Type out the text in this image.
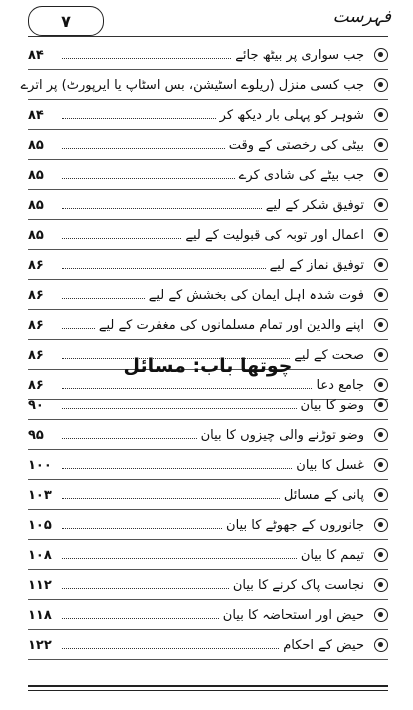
۷	فہرست
جب سواری پر بیٹھ جائے
۸۴
جب کسی منزل (ریلوے اسٹیشن، بس اسٹاپ یا ایرپورٹ) پر اترے
شوہر کو پہلی بار دیکھ کر
۸۴
بیٹی کی رخصتی کے وقت
۸۵
جب بیٹے کی شادی کرے
۸۵
توفیق شکر کے لیے
۸۵
اعمال اور توبہ کی قبولیت کے لیے
۸۵
توفیق نماز کے لیے
۸۶
فوت شدہ اہل ایمان کی بخشش کے لیے
۸۶
اپنے والدین اور تمام مسلمانوں کی مغفرت کے لیے
۸۶
صحت کے لیے
۸۶
جامع دعا
۸۶
چوتھا باب: مسائل
وضو کا بیان
۹۰
وضو توڑنے والی چیزوں کا بیان
۹۵
غسل کا بیان
۱۰۰
پانی کے مسائل
۱۰۳
جانوروں کے جھوٹے کا بیان
۱۰۵
تیمم کا بیان
۱۰۸
نجاست پاک کرنے کا بیان
۱۱۲
حیض اور استحاضہ کا بیان
۱۱۸
حیض کے احکام
۱۲۲
